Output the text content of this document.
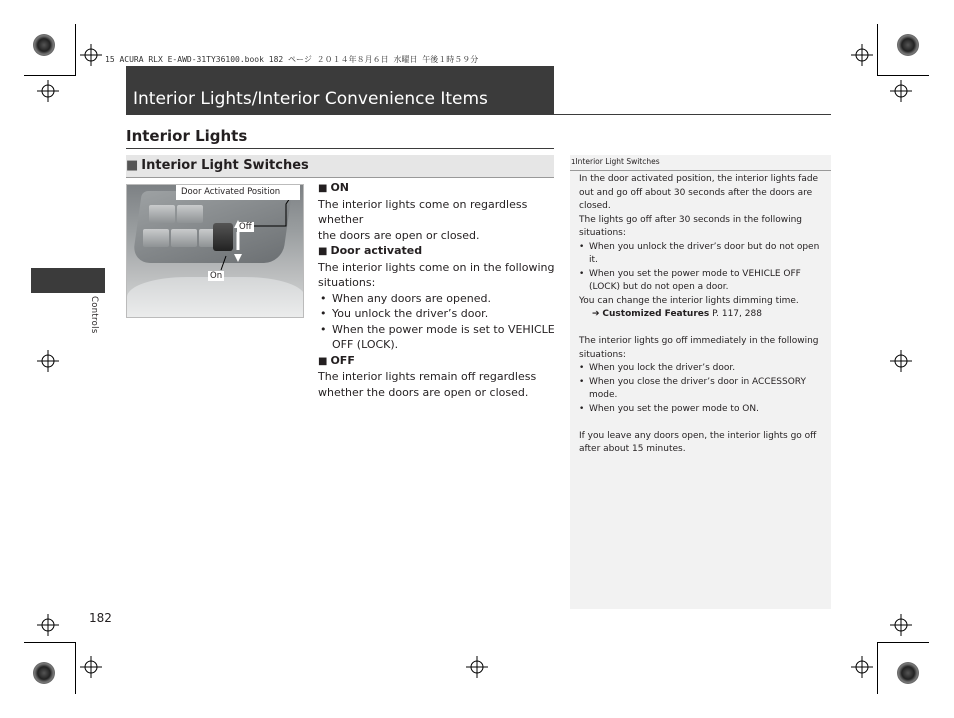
15 ACURA RLX E-AWD-31TY36100.book 182 ページ ２０１４年８月６日 水曜日 午後１時５９分
Interior Lights/Interior Convenience Items
Interior Lights
■ Interior Light Switches
Controls
182
Door Activated Position
Off
On
■ ON
The interior lights come on regardless whether
the doors are open or closed.
■ Door activated
The interior lights come on in the following
situations:
• When any doors are opened.
• You unlock the driver’s door.
• When the power mode is set to VEHICLE
OFF (LOCK).
■ OFF
The interior lights remain off regardless
whether the doors are open or closed.
1Interior Light Switches
In the door activated position, the interior lights fade
out and go off about 30 seconds after the doors are
closed.
The lights go off after 30 seconds in the following
situations:
• When you unlock the driver’s door but do not open
it.
• When you set the power mode to VEHICLE OFF
(LOCK) but do not open a door.
You can change the interior lights dimming time.
➔ Customized Features P. 117, 288
The interior lights go off immediately in the following
situations:
• When you lock the driver’s door.
• When you close the driver’s door in ACCESSORY
mode.
• When you set the power mode to ON.
If you leave any doors open, the interior lights go off
after about 15 minutes.
